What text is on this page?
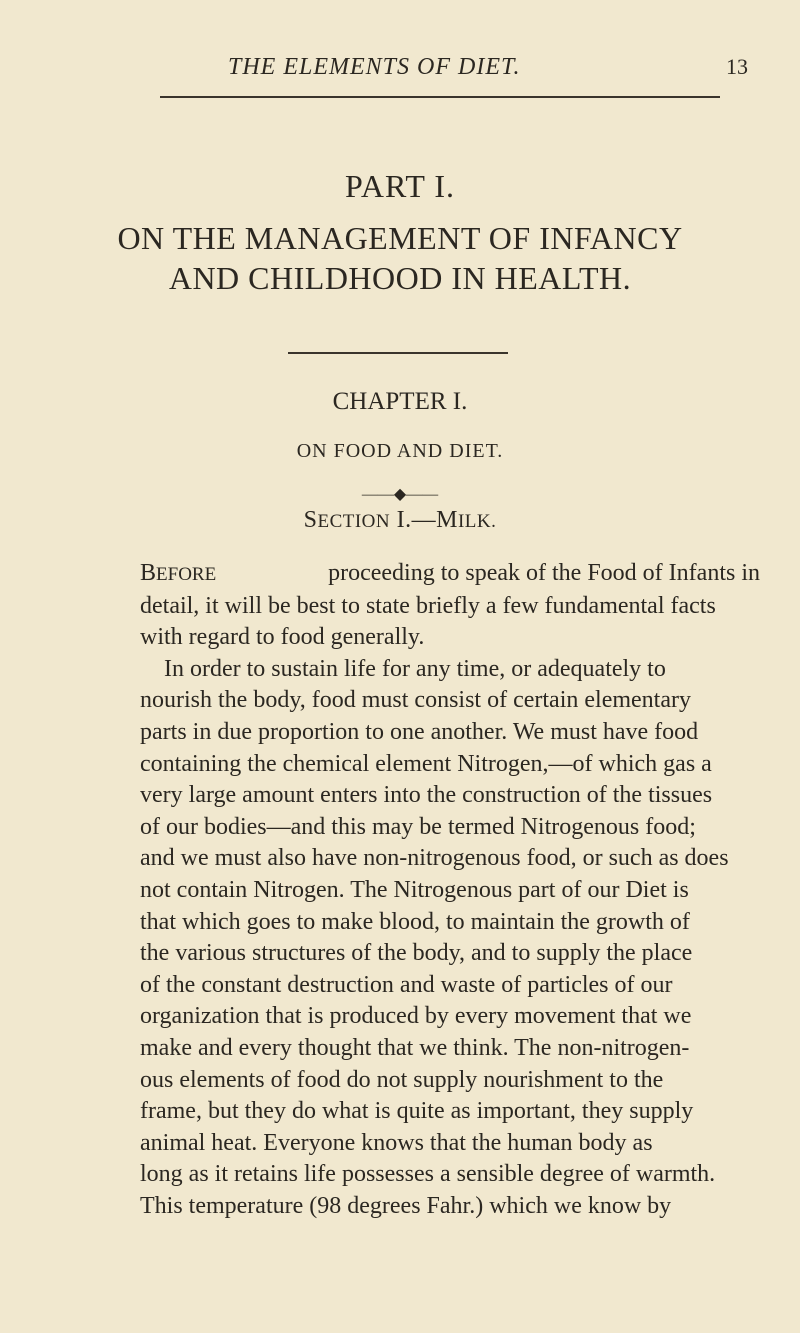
THE ELEMENTS OF DIET.	13
PART I.
ON THE MANAGEMENT OF INFANCY
AND CHILDHOOD IN HEALTH.
CHAPTER I.
ON FOOD AND DIET.
——◆——
SECTION I.—MILK.
BEFORE	proceeding to speak of the Food of Infants in
detail, it will be best to state briefly a few fundamental facts
with regard to food generally.
In order to sustain life for any time, or adequately to
nourish the body, food must consist of certain elementary
parts in due proportion to one another. We must have food
containing the chemical element Nitrogen,—of which gas a
very large amount enters into the construction of the tissues
of our bodies—and this may be termed Nitrogenous food;
and we must also have non-nitrogenous food, or such as does
not contain Nitrogen. The Nitrogenous part of our Diet is
that which goes to make blood, to maintain the growth of
the various structures of the body, and to supply the place
of the constant destruction and waste of particles of our
organization that is produced by every movement that we
make and every thought that we think. The non-nitrogen-
ous elements of food do not supply nourishment to the
frame, but they do what is quite as important, they supply
animal heat. Everyone knows that the human body as
long as it retains life possesses a sensible degree of warmth.
This temperature (98 degrees Fahr.) which we know by
